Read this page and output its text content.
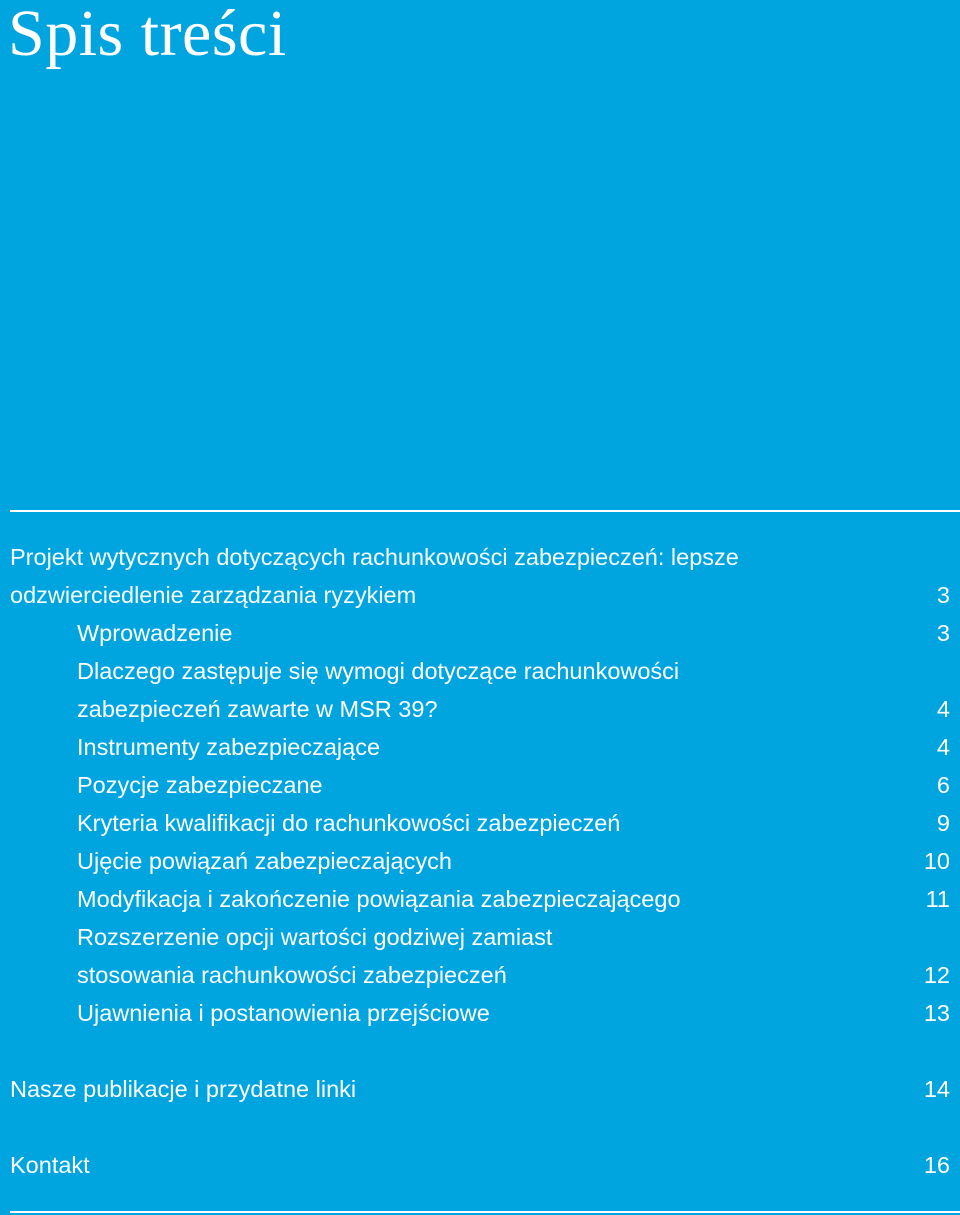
Spis treści
Projekt wytycznych dotyczących rachunkowości zabezpieczeń: lepsze
odzwierciedlenie zarządzania ryzykiem	3
Wprowadzenie	3
Dlaczego zastępuje się wymogi dotyczące rachunkowości
zabezpieczeń zawarte w MSR 39?	4
Instrumenty zabezpieczające	4
Pozycje zabezpieczane	6
Kryteria kwalifikacji do rachunkowości zabezpieczeń	9
Ujęcie powiązań zabezpieczających	10
Modyfikacja i zakończenie powiązania zabezpieczającego	11
Rozszerzenie opcji wartości godziwej zamiast
stosowania rachunkowości zabezpieczeń	12
Ujawnienia i postanowienia przejściowe	13
Nasze publikacje i przydatne linki	14
Kontakt	16
